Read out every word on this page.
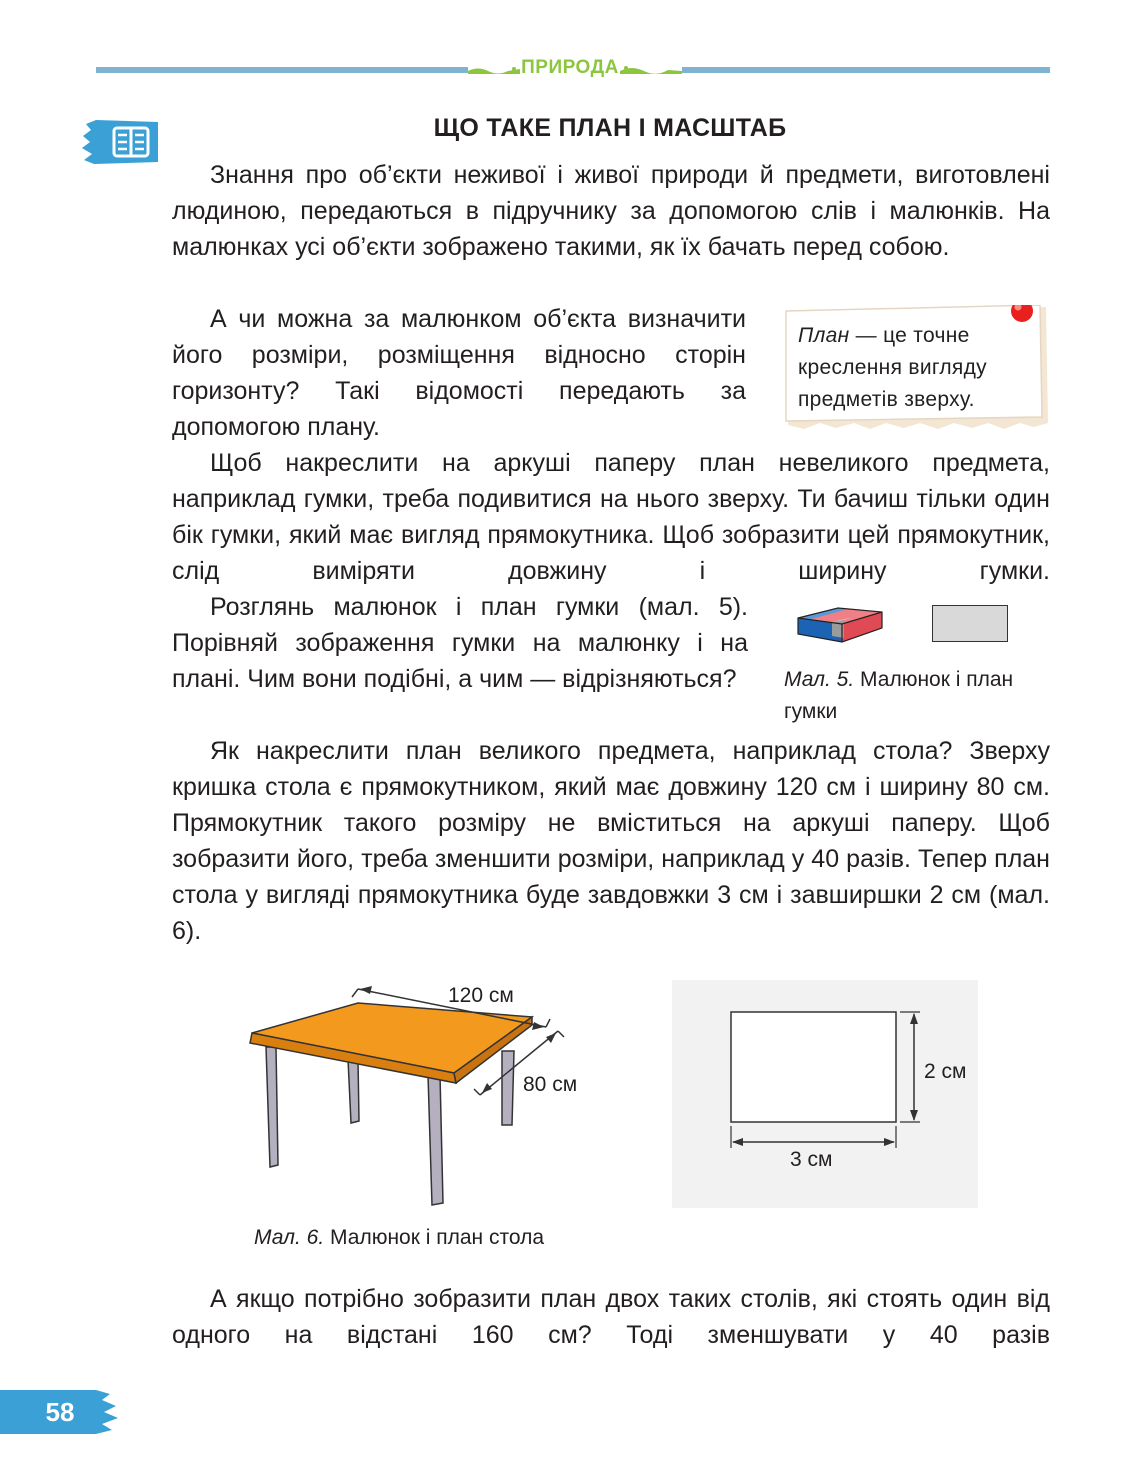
ПРИРОДА
ЩО ТАКЕ ПЛАН І МАСШТАБ

Знання про об’єкти неживої і живої природи й предмети, виготовлені людиною, передаються в підручнику за допомогою слів і малюнків. На малюнках усі об’єкти зображено такими, як їх бачать перед собою.

А чи можна за малюнком об’єкта визначити його розміри, розміщення відносно сторін горизонту? Такі відомості передають за допомогою плану.

План — це точне креслення вигляду предметів зверху.

Щоб накреслити на аркуші паперу план невеликого предмета, наприклад гумки, треба подивитися на нього зверху. Ти бачиш тільки один бік гумки, який має вигляд прямокутника. Щоб зобразити цей прямокутник, слід виміряти довжину і ширину гумки.

Розглянь малюнок і план гумки (мал. 5). Порівняй зображення гумки на малюнку і на плані. Чим вони подібні, а чим — відрізняються?	Мал. 5. Малюнок і план гумки

Як накреслити план великого предмета, наприклад стола? Зверху кришка стола є прямокутником, який має довжину 120 см і ширину 80 см. Прямокутник такого розміру не вміститься на аркуші паперу. Щоб зобразити його, треба зменшити розміри, наприклад у 40 разів. Тепер план стола у вигляді прямокутника буде завдовжки 3 см і завширшки 2 см (мал. 6).

120 см
80 см
2 см
3 см
Мал. 6. Малюнок і план стола

А якщо потрібно зобразити план двох таких столів, які стоять один від одного на відстані 160 см? Тоді зменшувати у 40 разів

58
